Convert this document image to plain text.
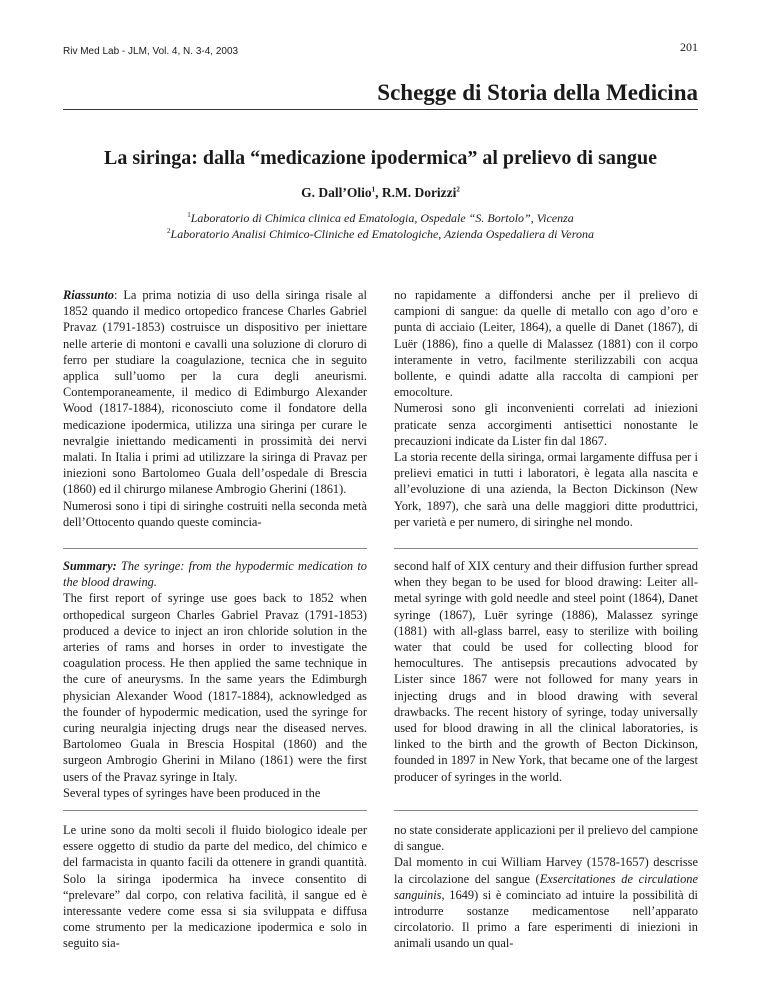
Riv Med Lab - JLM, Vol. 4, N. 3-4, 2003	201
Schegge di Storia della Medicina
La siringa: dalla “medicazione ipodermica” al prelievo di sangue
G. Dall’Olio$^1$, R.M. Dorizzi$^2$
$^1$Laboratorio di Chimica clinica ed Ematologia, Ospedale “S. Bortolo”, Vicenza
$^2$Laboratorio Analisi Chimico-Cliniche ed Ematologiche, Azienda Ospedaliera di Verona

Riassunto: La prima notizia di uso della siringa risale al 1852 quando il medico ortopedico francese Charles Gabriel Pravaz (1791-1853) costruisce un dispositivo per iniettare nelle arterie di montoni e cavalli una soluzione di cloruro di ferro per studiare la coagulazione, tecnica che in seguito applica sull’uomo per la cura degli aneurismi. Contemporaneamente, il medico di Edimburgo Alexander Wood (1817-1884), riconosciuto come il fondatore della medicazione ipodermica, utilizza una siringa per curare le nevralgie iniettando medicamenti in prossimità dei nervi malati. In Italia i primi ad utilizzare la siringa di Pravaz per iniezioni sono Bartolomeo Guala dell’ospedale di Brescia (1860) ed il chirurgo milanese Ambrogio Gherini (1861).

Numerosi sono i tipi di siringhe costruiti nella seconda metà dell’Ottocento quando queste comincia-

no rapidamente a diffondersi anche per il prelievo di campioni di sangue: da quelle di metallo con ago d’oro e punta di acciaio (Leiter, 1864), a quelle di Danet (1867), di Luër (1886), fino a quelle di Malassez (1881) con il corpo interamente in vetro, facilmente sterilizzabili con acqua bollente, e quindi adatte alla raccolta di campioni per emocolture.

Numerosi sono gli inconvenienti correlati ad iniezioni praticate senza accorgimenti antisettici nonostante le precauzioni indicate da Lister fin dal 1867.

La storia recente della siringa, ormai largamente diffusa per i prelievi ematici in tutti i laboratori, è legata alla nascita e all’evoluzione di una azienda, la Becton Dickinson (New York, 1897), che sarà una delle maggiori ditte produttrici, per varietà e per numero, di siringhe nel mondo.

Summary: The syringe: from the hypodermic medication to the blood drawing.

The first report of syringe use goes back to 1852 when orthopedical surgeon Charles Gabriel Pravaz (1791-1853) produced a device to inject an iron chloride solution in the arteries of rams and horses in order to investigate the coagulation process. He then applied the same technique in the cure of aneurysms. In the same years the Edimburgh physician Alexander Wood (1817-1884), acknowledged as the founder of hypodermic medication, used the syringe for curing neuralgia injecting drugs near the diseased nerves. Bartolomeo Guala in Brescia Hospital (1860) and the surgeon Ambrogio Gherini in Milano (1861) were the first users of the Pravaz syringe in Italy.

Several types of syringes have been produced in the

second half of XIX century and their diffusion further spread when they began to be used for blood drawing: Leiter all-metal syringe with gold needle and steel point (1864), Danet syringe (1867), Luër syringe (1886), Malassez syringe (1881) with all-glass barrel, easy to sterilize with boiling water that could be used for collecting blood for hemocultures. The antisepsis precautions advocated by Lister since 1867 were not followed for many years in injecting drugs and in blood drawing with several drawbacks. The recent history of syringe, today universally used for blood drawing in all the clinical laboratories, is linked to the birth and the growth of Becton Dickinson, founded in 1897 in New York, that became one of the largest producer of syringes in the world.

Le urine sono da molti secoli il fluido biologico ideale per essere oggetto di studio da parte del medico, del chimico e del farmacista in quanto facili da ottenere in grandi quantità. Solo la siringa ipodermica ha invece consentito di “prelevare” dal corpo, con relativa facilità, il sangue ed è interessante vedere come essa si sia sviluppata e diffusa come strumento per la medicazione ipodermica e solo in seguito sia-

no state considerate applicazioni per il prelievo del campione di sangue.

Dal momento in cui William Harvey (1578-1657) descrisse la circolazione del sangue (Exsercitationes de circulatione sanguinis, 1649) si è cominciato ad intuire la possibilità di introdurre sostanze medicamentose nell’apparato circolatorio. Il primo a fare esperimenti di iniezioni in animali usando un qual-
